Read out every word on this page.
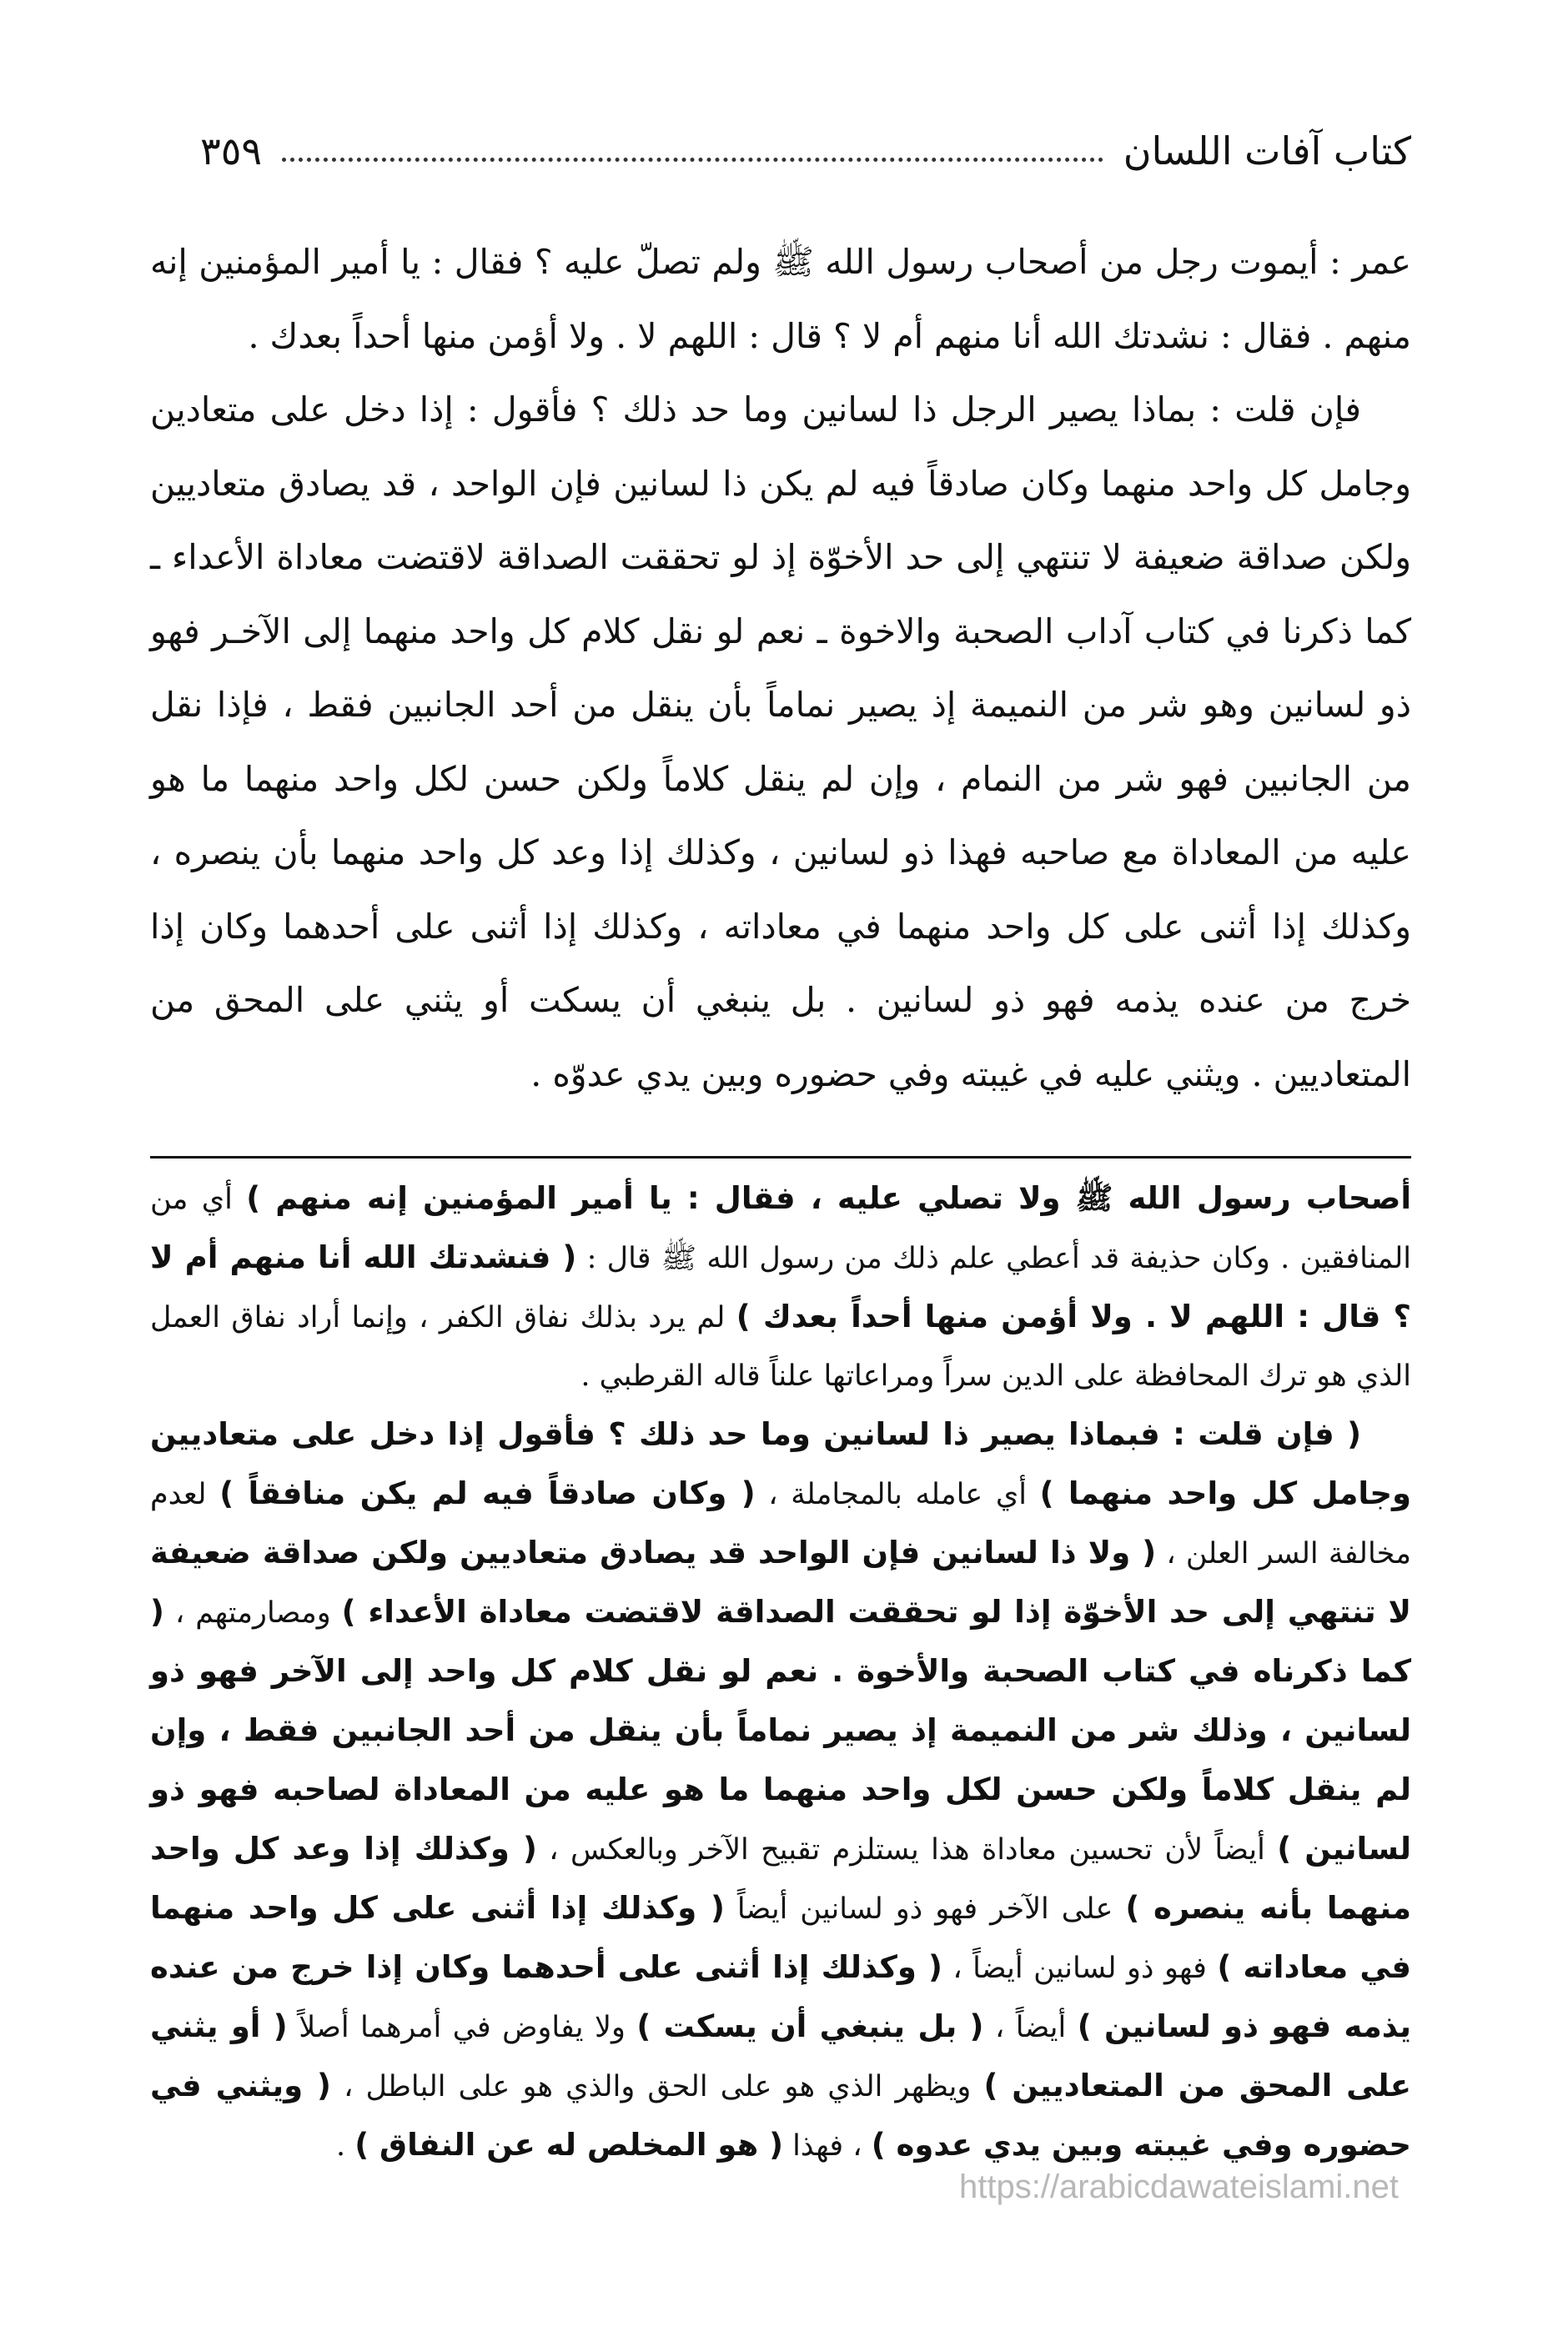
كتاب آفات اللسان
٣٥٩

عمر : أيموت رجل من أصحاب رسول الله ﷺ ولم تصلّ عليه ؟ فقال : يا أمير المؤمنين إنه منهم . فقال : نشدتك الله أنا منهم أم لا ؟ قال : اللهم لا . ولا أؤمن منها أحداً بعدك .

فإن قلت : بماذا يصير الرجل ذا لسانين وما حد ذلك ؟ فأقول : إذا دخل على متعادين وجامل كل واحد منهما وكان صادقاً فيه لم يكن ذا لسانين فإن الواحد ، قد يصادق متعاديين ولكن صداقة ضعيفة لا تنتهي إلى حد الأخوّة إذ لو تحققت الصداقة لاقتضت معاداة الأعداء ـ كما ذكرنا في كتاب آداب الصحبة والاخوة ـ نعم لو نقل كلام كل واحد منهما إلى الآخـر فهو ذو لسانين وهو شر من النميمة إذ يصير نماماً بأن ينقل من أحد الجانبين فقط ، فإذا نقل من الجانبين فهو شر من النمام ، وإن لم ينقل كلاماً ولكن حسن لكل واحد منهما ما هو عليه من المعاداة مع صاحبه فهذا ذو لسانين ، وكذلك إذا وعد كل واحد منهما بأن ينصره ، وكذلك إذا أثنى على كل واحد منهما في معاداته ، وكذلك إذا أثنى على أحدهما وكان إذا خرج من عنده يذمه فهو ذو لسانين . بل ينبغي أن يسكت أو يثني على المحق من المتعاديين . ويثني عليه في غيبته وفي حضوره وبين يدي عدوّه .

أصحاب رسول الله ﷺ ولا تصلي عليه ، فقال : يا أمير المؤمنين إنه منهم ) أي من المنافقين . وكان حذيفة قد أعطي علم ذلك من رسول الله ﷺ قال : ( فنشدتك الله أنا منهم أم لا ؟ قال : اللهم لا . ولا أؤمن منها أحداً بعدك ) لم يرد بذلك نفاق الكفر ، وإنما أراد نفاق العمل الذي هو ترك المحافظة على الدين سراً ومراعاتها علناً قاله القرطبي .

( فإن قلت : فبماذا يصير ذا لسانين وما حد ذلك ؟ فأقول إذا دخل على متعاديين وجامل كل واحد منهما ) أي عامله بالمجاملة ، ( وكان صادقاً فيه لم يكن منافقاً ) لعدم مخالفة السر العلن ، ( ولا ذا لسانين فإن الواحد قد يصادق متعاديين ولكن صداقة ضعيفة لا تنتهي إلى حد الأخوّة إذا لو تحققت الصداقة لاقتضت معاداة الأعداء ) ومصارمتهم ، ( كما ذكرناه في كتاب الصحبة والأخوة . نعم لو نقل كلام كل واحد إلى الآخر فهو ذو لسانين ، وذلك شر من النميمة إذ يصير نماماً بأن ينقل من أحد الجانبين فقط ، وإن لم ينقل كلاماً ولكن حسن لكل واحد منهما ما هو عليه من المعاداة لصاحبه فهو ذو لسانين ) أيضاً لأن تحسين معاداة هذا يستلزم تقبيح الآخر وبالعكس ، ( وكذلك إذا وعد كل واحد منهما بأنه ينصره ) على الآخر فهو ذو لسانين أيضاً ( وكذلك إذا أثنى على كل واحد منهما في معاداته ) فهو ذو لسانين أيضاً ، ( وكذلك إذا أثنى على أحدهما وكان إذا خرج من عنده يذمه فهو ذو لسانين ) أيضاً ، ( بل ينبغي أن يسكت ) ولا يفاوض في أمرهما أصلاً ( أو يثني على المحق من المتعاديين ) ويظهر الذي هو على الحق والذي هو على الباطل ، ( ويثني في حضوره وفي غيبته وبين يدي عدوه ) ، فهذا ( هو المخلص له عن النفاق ) .

https://arabicdawateislami.net
